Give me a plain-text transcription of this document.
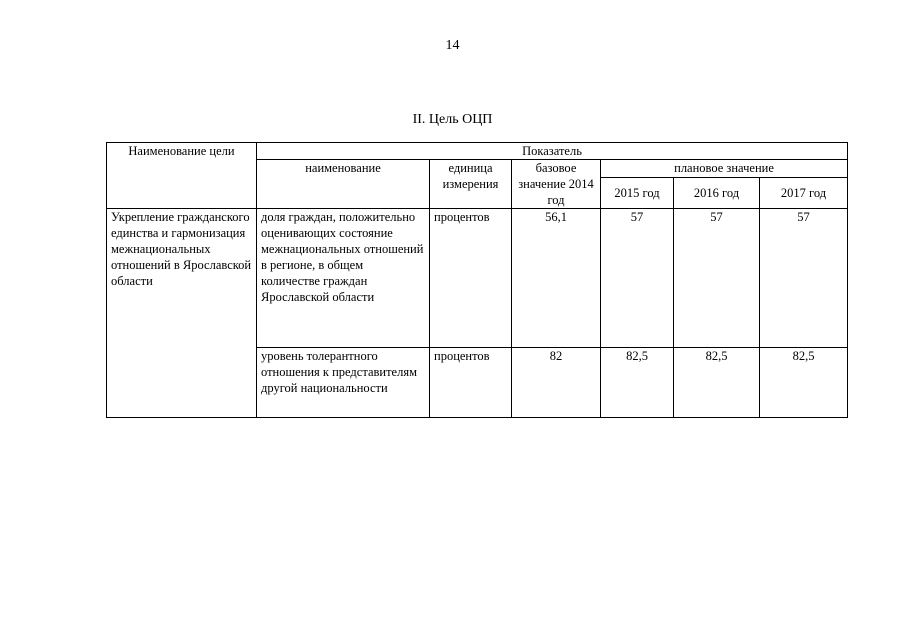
14
II. Цель ОЦП
Наименование цели	Показатель					
	наименование	единица измерения	базовое значение 2014 год	плановое значение		
				2015 год	2016 год	2017 год
Укрепление гражданского единства и гармонизация межнациональных отношений в Ярославской области	доля граждан, положительно оценивающих состояние межнациональных отношений в регионе, в общем количестве граждан Ярославской области	процентов	56,1	57	57	57
	уровень толерантного отношения к представителям другой национальности	процентов	82	82,5	82,5	82,5
